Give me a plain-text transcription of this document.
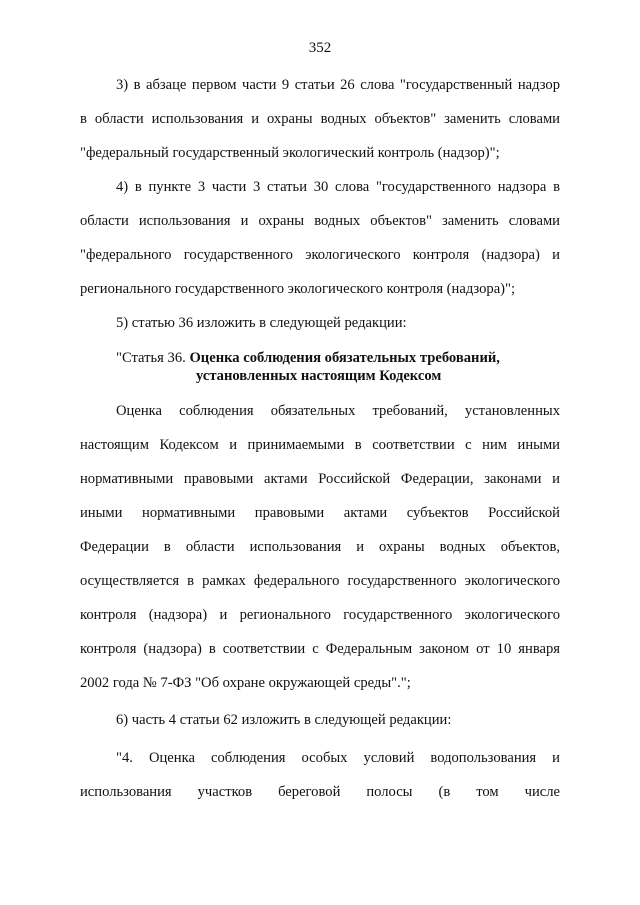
352
3) в абзаце первом части 9 статьи 26 слова "государственный надзор
в области использования и охраны водных объектов" заменить словами
"федеральный государственный экологический контроль (надзор)";
4) в пункте 3 части 3 статьи 30 слова "государственного надзора в
области использования и охраны водных объектов" заменить словами
"федерального государственного экологического контроля (надзора) и
регионального государственного экологического контроля (надзора)";
5) статью 36 изложить в следующей редакции:
"Статья 36. Оценка соблюдения обязательных требований,
установленных настоящим Кодексом
Оценка соблюдения обязательных требований, установленных
настоящим Кодексом и принимаемыми в соответствии с ним иными
нормативными правовыми актами Российской Федерации, законами и
иными нормативными правовыми актами субъектов Российской
Федерации в области использования и охраны водных объектов,
осуществляется в рамках федерального государственного экологического
контроля (надзора) и регионального государственного экологического
контроля (надзора) в соответствии с Федеральным законом от 10 января
2002 года № 7-ФЗ "Об охране окружающей среды".";
6) часть 4 статьи 62 изложить в следующей редакции:
"4. Оценка соблюдения особых условий водопользования и
использования участков береговой полосы (в том числе
